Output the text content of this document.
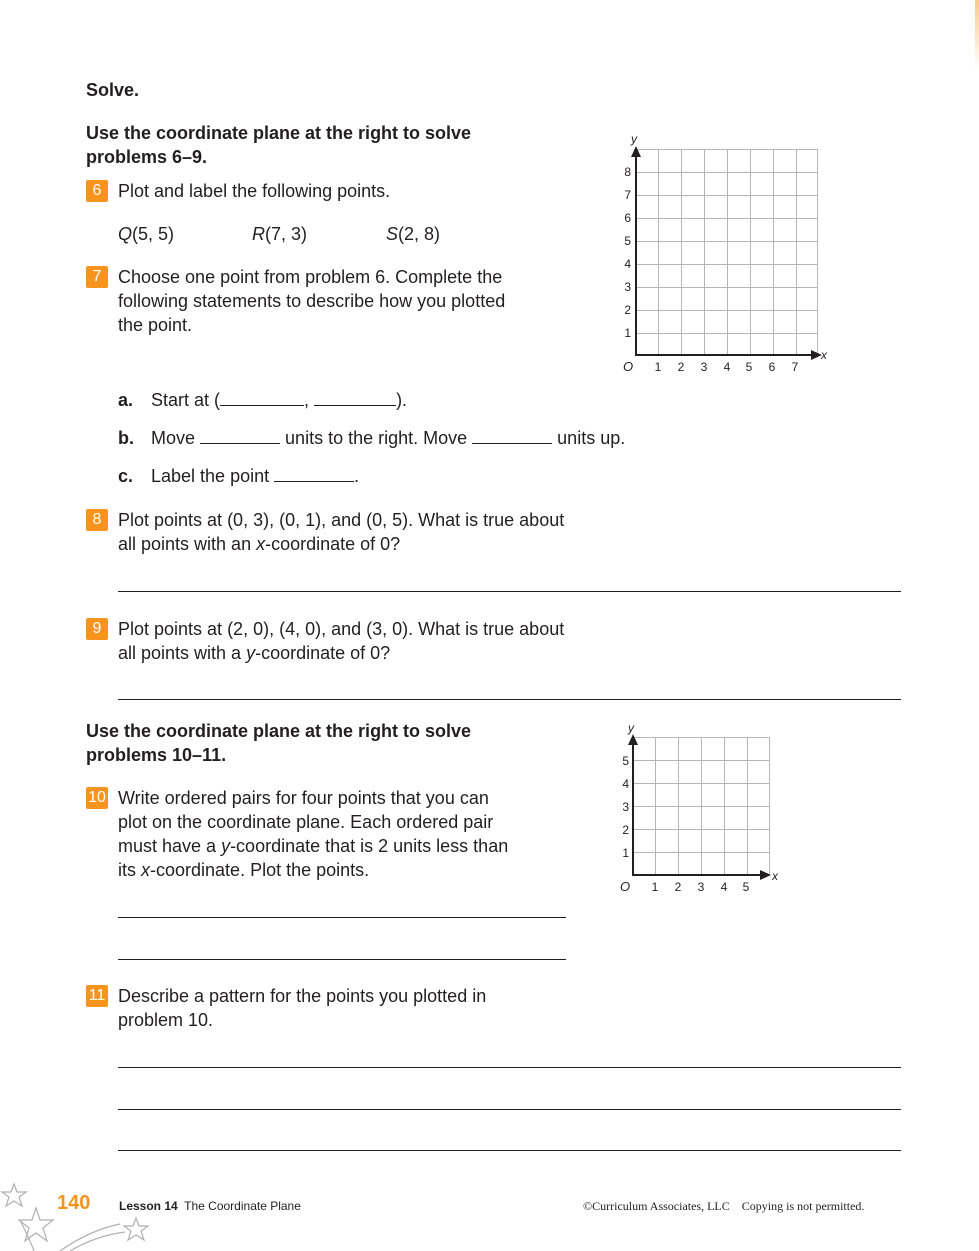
Solve.
Use the coordinate plane at the right to solve
problems 6–9.
6 Plot and label the following points.
Q(5, 5)	R(7, 3)	S(2, 8)
7 Choose one point from problem 6. Complete the
following statements to describe how you plotted
the point.
a. Start at (	,	).
b. Move	units to the right. Move	units up.
c. Label the point	.
8 Plot points at (0, 3), (0, 1), and (0, 5). What is true about
all points with an x-coordinate of 0?
9 Plot points at (2, 0), (4, 0), and (3, 0). What is true about
all points with a y-coordinate of 0?
Use the coordinate plane at the right to solve
problems 10–11.
10 Write ordered pairs for four points that you can
plot on the coordinate plane. Each ordered pair
must have a y-coordinate that is 2 units less than
its x-coordinate. Plot the points.
11 Describe a pattern for the points you plotted in
problem 10.
y
x
O 1 2 3 4 5 6 7
1
2
3
4
5
6
7
8
y
x
O 1 2 3 4 5
1
2
3
4
5
140 Lesson 14 The Coordinate Plane	©Curriculum Associates, LLC Copying is not permitted.
